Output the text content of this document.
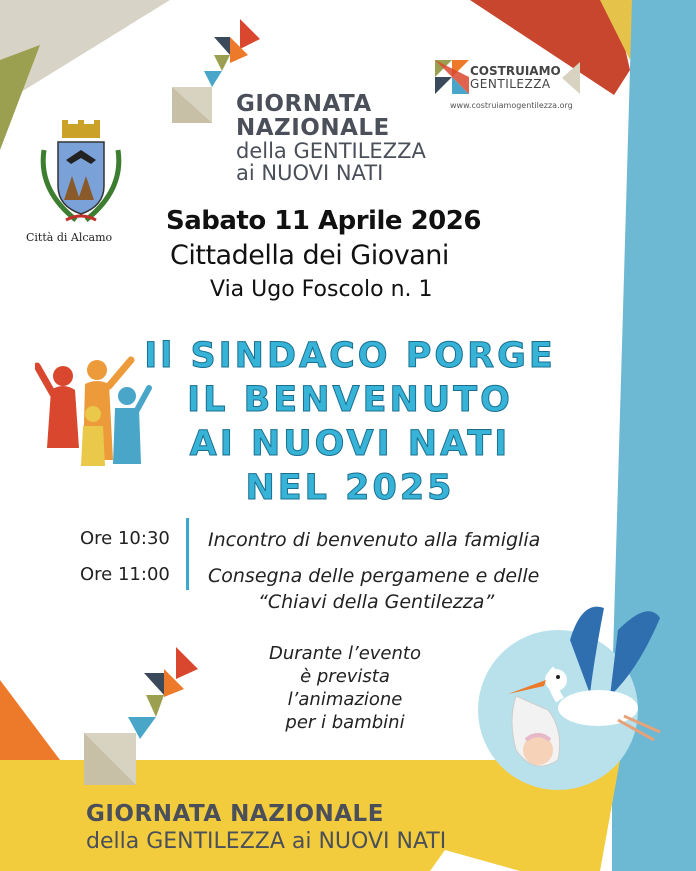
GIORNATA
NAZIONALE
della GENTILEZZA
ai NUOVI NATI
COSTRUIAMO
GENTILEZZA
www.costruiamogentilezza.org
Città di Alcamo
Sabato 11 Aprile 2026
Cittadella dei Giovani
Via Ugo Foscolo n. 1
Il SINDACO PORGE
IL BENVENUTO
AI NUOVI NATI
NEL 2025
Ore 10:30 Incontro di benvenuto alla famiglia
Ore 11:00 Consegna delle pergamene e delle
“Chiavi della Gentilezza”
Durante l’evento
è prevista
l’animazione
per i bambini
GIORNATA NAZIONALE
della GENTILEZZA ai NUOVI NATI
